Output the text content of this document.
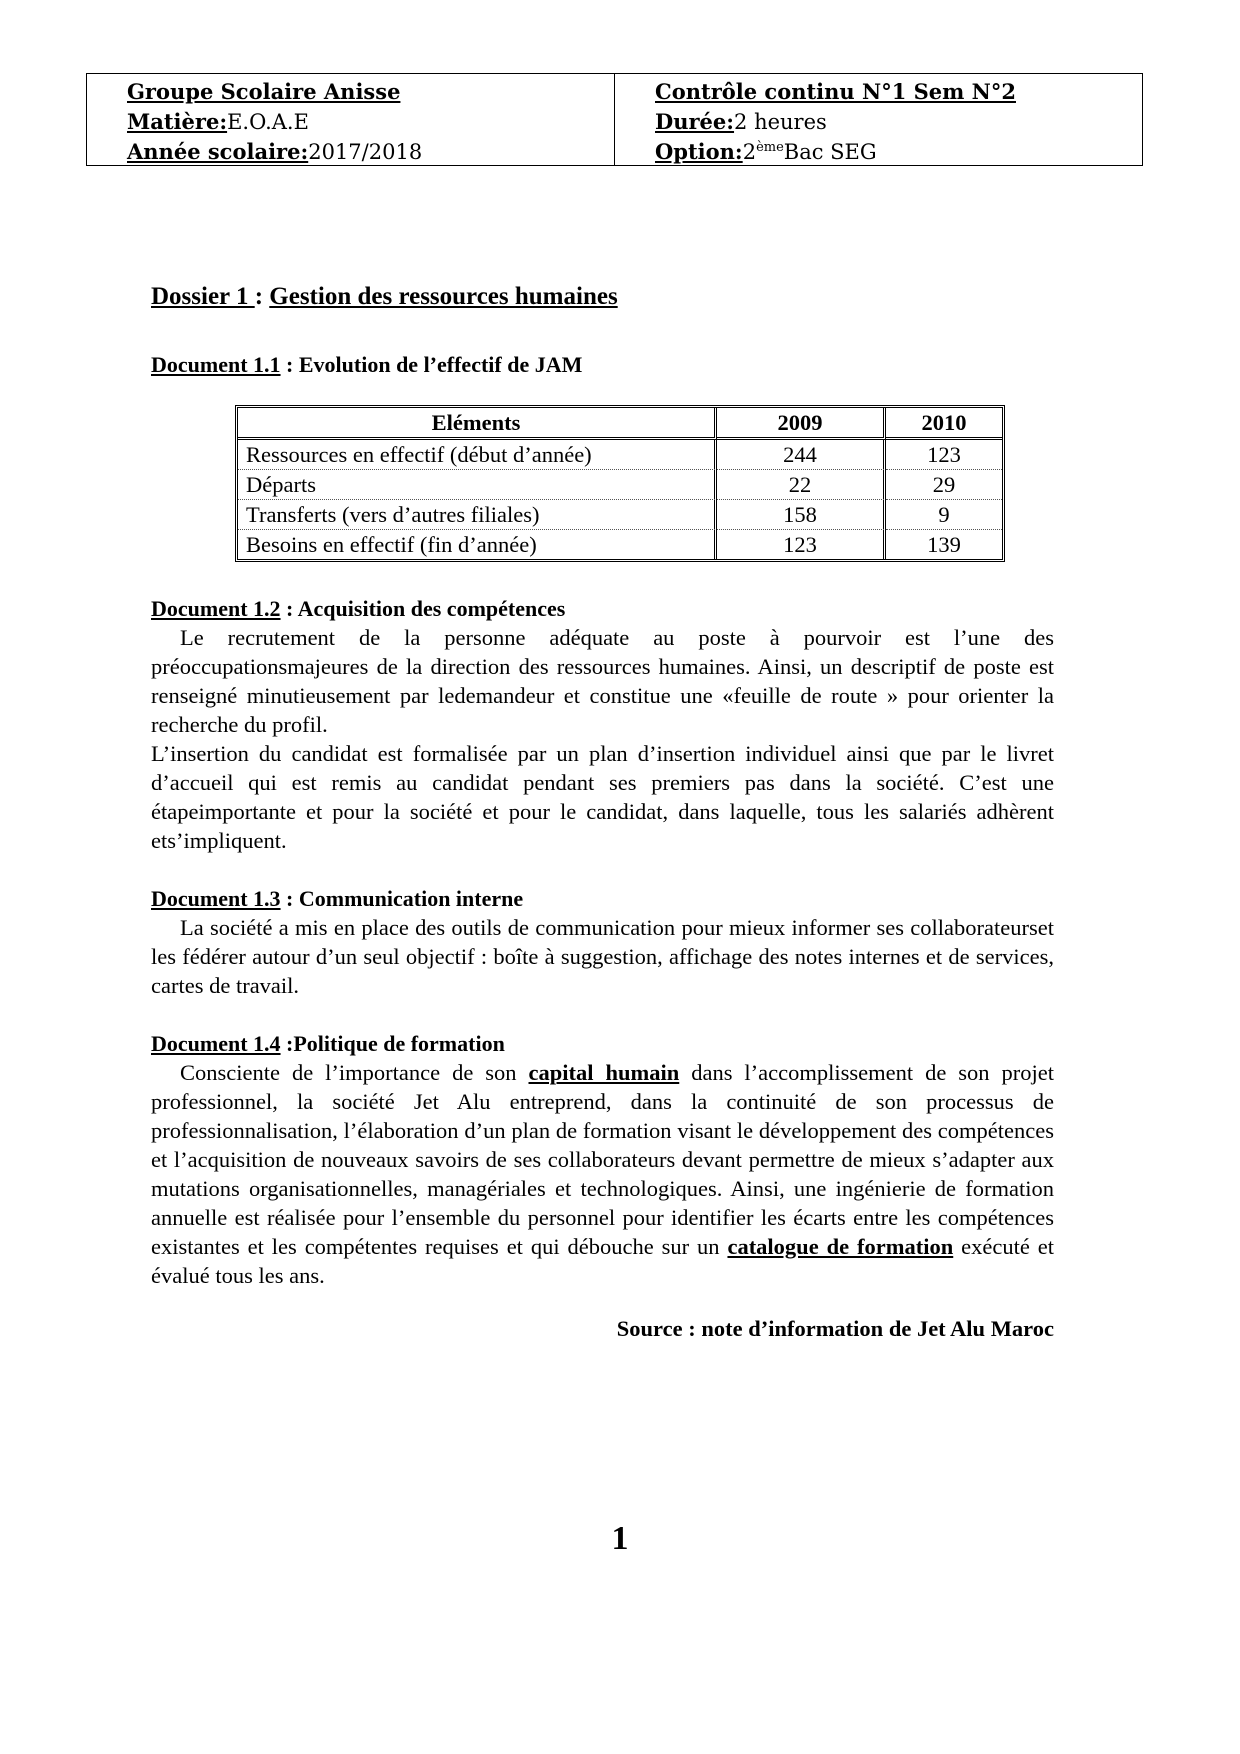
Groupe Scolaire Anisse
Matière:E.O.A.E
Année scolaire:2017/2018
Contrôle continu N°1 Sem N°2
Durée:2 heures
Option:2èmeBac SEG
Dossier 1 : Gestion des ressources humaines
Document 1.1 : Evolution de l’effectif de JAM
Eléments	2009	2010
Ressources en effectif (début d’année)	244	123
Départs	22	29
Transferts (vers d’autres filiales)	158	9
Besoins en effectif (fin d’année)	123	139
Document 1.2 : Acquisition des compétences

Le recrutement de la personne adéquate au poste à pourvoir est l’une des préoccupationsmajeures de la direction des ressources humaines. Ainsi, un descriptif de poste est renseigné minutieusement par ledemandeur et constitue une «feuille de route » pour orienter la recherche du profil.

L’insertion du candidat est formalisée par un plan d’insertion individuel ainsi que par le livret d’accueil qui est remis au candidat pendant ses premiers pas dans la société. C’est une étapeimportante et pour la société et pour le candidat, dans laquelle, tous les salariés adhèrent ets’impliquent.

Document 1.3 : Communication interne

La société a mis en place des outils de communication pour mieux informer ses collaborateurset les fédérer autour d’un seul objectif : boîte à suggestion, affichage des notes internes et de services, cartes de travail.

Document 1.4 :Politique de formation

Consciente de l’importance de son capital humain dans l’accomplissement de son projet professionnel, la société Jet Alu entreprend, dans la continuité de son processus de professionnalisation, l’élaboration d’un plan de formation visant le développement des compétences et l’acquisition de nouveaux savoirs de ses collaborateurs devant permettre de mieux s’adapter aux mutations organisationnelles, managériales et technologiques. Ainsi, une ingénierie de formation annuelle est réalisée pour l’ensemble du personnel pour identifier les écarts entre les compétences existantes et les compétentes requises et qui débouche sur un catalogue de formation exécuté et évalué tous les ans.

Source : note d’information de Jet Alu Maroc
1
